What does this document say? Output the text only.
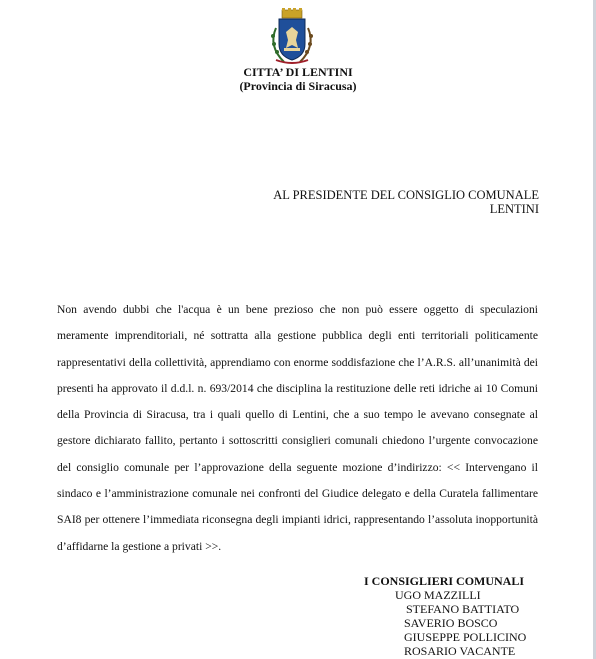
CITTA’ DI LENTINI
(Provincia di Siracusa)
AL PRESIDENTE DEL CONSIGLIO COMUNALE
LENTINI
Non avendo dubbi che l'acqua è un bene prezioso che non può essere oggetto di speculazioni meramente imprenditoriali, né sottratta alla gestione pubblica degli enti territoriali politicamente rappresentativi della collettività, apprendiamo con enorme soddisfazione che l’A.R.S. all’unanimità dei presenti ha approvato il d.d.l. n. 693/2014 che disciplina la restituzione delle reti idriche ai 10 Comuni della Provincia di Siracusa, tra i quali quello di Lentini, che a suo tempo le avevano consegnate al gestore dichiarato fallito, pertanto i sottoscritti consiglieri comunali chiedono l’urgente convocazione del consiglio comunale per l’approvazione della seguente mozione d’indirizzo: << Intervengano il sindaco e l’amministrazione comunale nei confronti del Giudice delegato e della Curatela fallimentare SAI8 per ottenere l’immediata riconsegna degli impianti idrici, rappresentando l’assoluta inopportunità d’affidarne la gestione a privati >>.
I CONSIGLIERI COMUNALI
UGO MAZZILLI
STEFANO BATTIATO
SAVERIO BOSCO
GIUSEPPE POLLICINO
ROSARIO VACANTE
